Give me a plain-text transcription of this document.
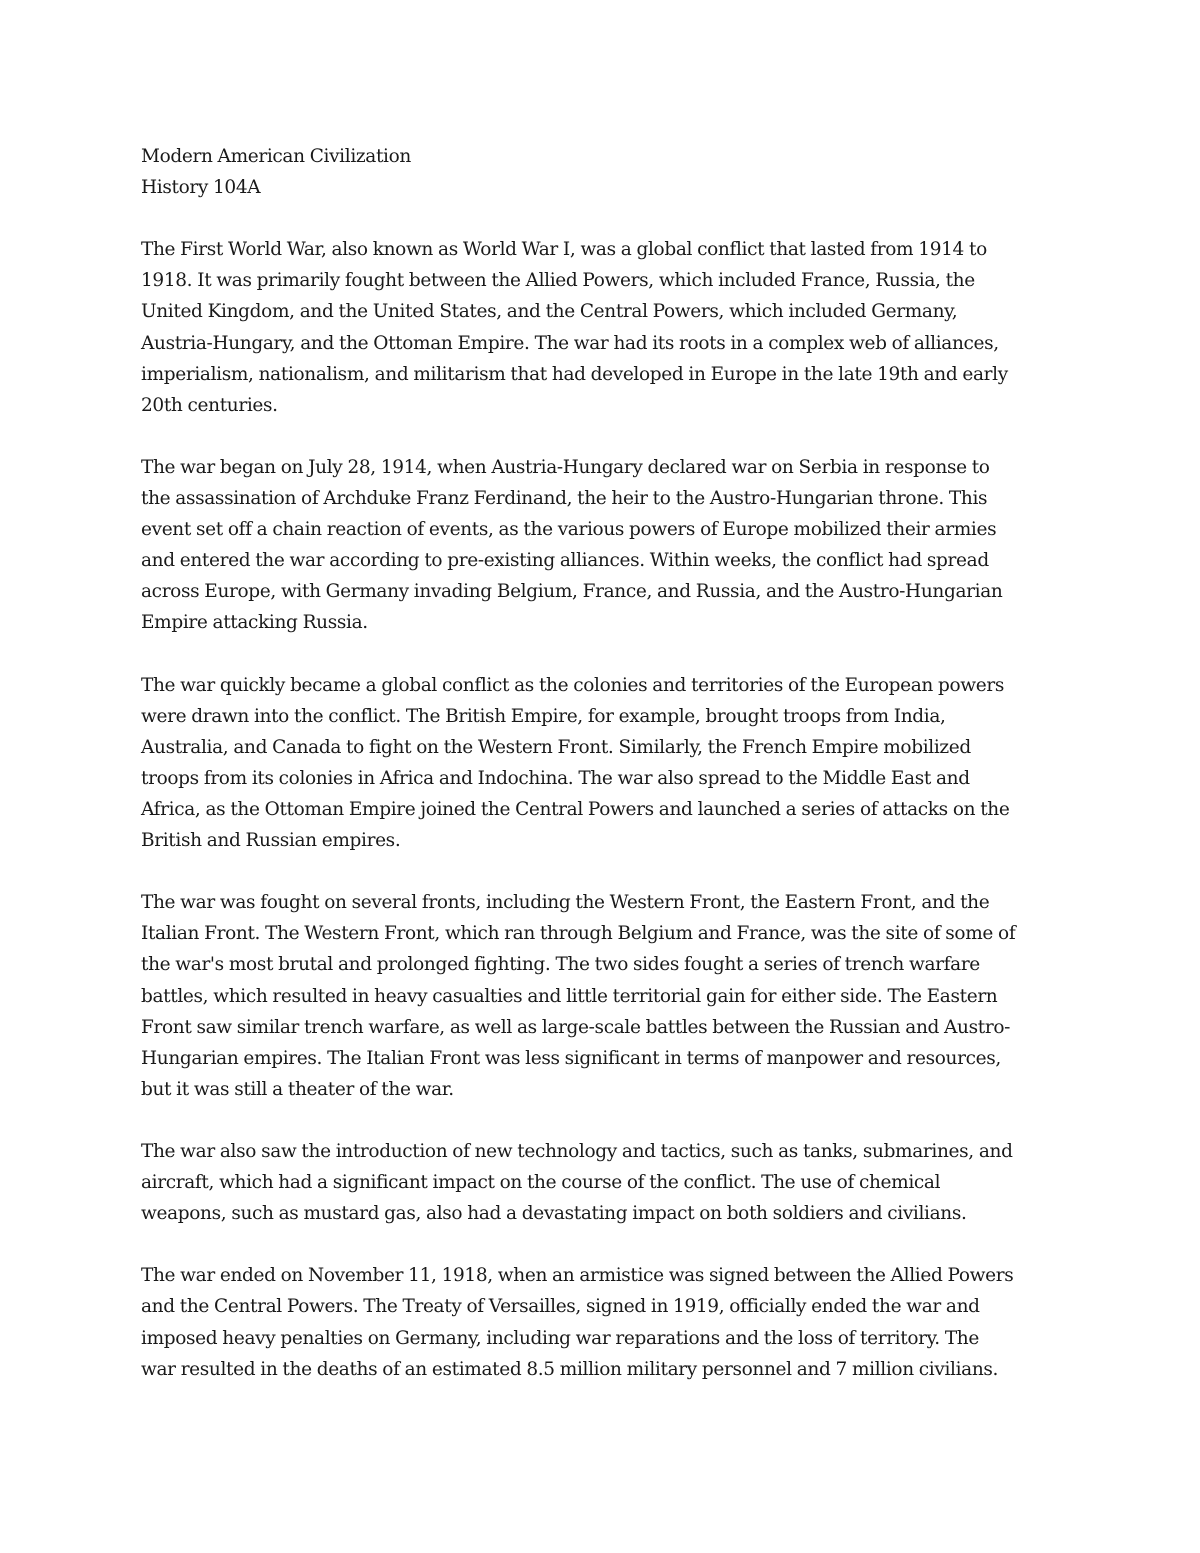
Modern American Civilization
History 104A
The First World War, also known as World War I, was a global conflict that lasted from 1914 to
1918. It was primarily fought between the Allied Powers, which included France, Russia, the
United Kingdom, and the United States, and the Central Powers, which included Germany,
Austria-Hungary, and the Ottoman Empire. The war had its roots in a complex web of alliances,
imperialism, nationalism, and militarism that had developed in Europe in the late 19th and early
20th centuries.
The war began on July 28, 1914, when Austria-Hungary declared war on Serbia in response to
the assassination of Archduke Franz Ferdinand, the heir to the Austro-Hungarian throne. This
event set off a chain reaction of events, as the various powers of Europe mobilized their armies
and entered the war according to pre-existing alliances. Within weeks, the conflict had spread
across Europe, with Germany invading Belgium, France, and Russia, and the Austro-Hungarian
Empire attacking Russia.
The war quickly became a global conflict as the colonies and territories of the European powers
were drawn into the conflict. The British Empire, for example, brought troops from India,
Australia, and Canada to fight on the Western Front. Similarly, the French Empire mobilized
troops from its colonies in Africa and Indochina. The war also spread to the Middle East and
Africa, as the Ottoman Empire joined the Central Powers and launched a series of attacks on the
British and Russian empires.
The war was fought on several fronts, including the Western Front, the Eastern Front, and the
Italian Front. The Western Front, which ran through Belgium and France, was the site of some of
the war's most brutal and prolonged fighting. The two sides fought a series of trench warfare
battles, which resulted in heavy casualties and little territorial gain for either side. The Eastern
Front saw similar trench warfare, as well as large-scale battles between the Russian and Austro-
Hungarian empires. The Italian Front was less significant in terms of manpower and resources,
but it was still a theater of the war.
The war also saw the introduction of new technology and tactics, such as tanks, submarines, and
aircraft, which had a significant impact on the course of the conflict. The use of chemical
weapons, such as mustard gas, also had a devastating impact on both soldiers and civilians.
The war ended on November 11, 1918, when an armistice was signed between the Allied Powers
and the Central Powers. The Treaty of Versailles, signed in 1919, officially ended the war and
imposed heavy penalties on Germany, including war reparations and the loss of territory. The
war resulted in the deaths of an estimated 8.5 million military personnel and 7 million civilians.
